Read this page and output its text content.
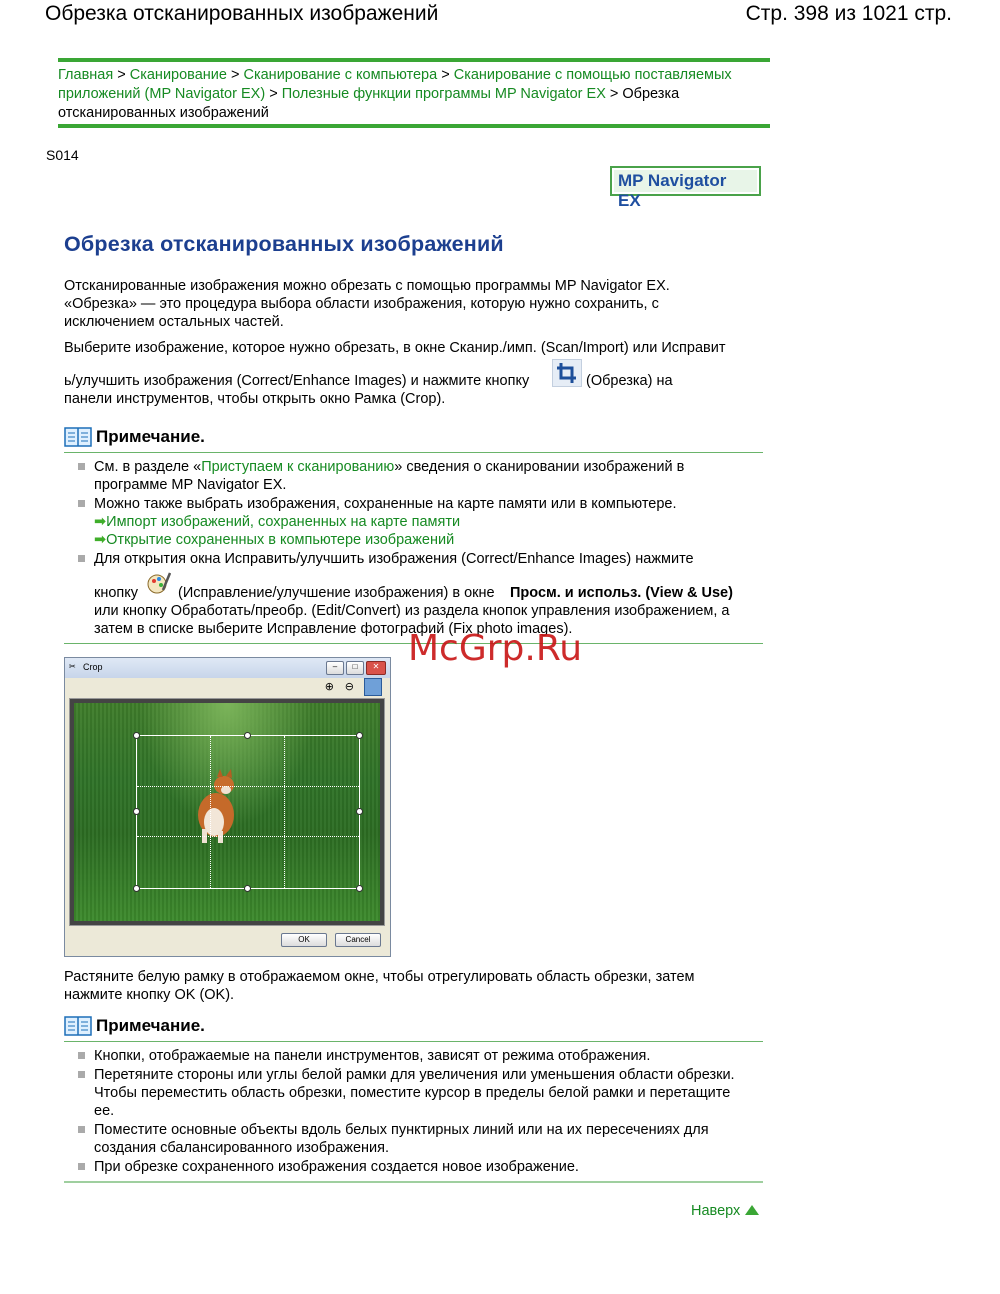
Обрезка отсканированных изображений	Стр. 398 из 1021 стр.
Главная > Сканирование > Сканирование с компьютера > Сканирование с помощью поставляемых приложений (MP Navigator EX) > Полезные функции программы MP Navigator EX > Обрезка отсканированных изображений
S014
MP Navigator EX
Обрезка отсканированных изображений
Отсканированные изображения можно обрезать с помощью программы MP Navigator EX.
«Обрезка» — это процедура выбора области изображения, которую нужно сохранить, с
исключением остальных частей.
Выберите изображение, которое нужно обрезать, в окне Сканир./имп. (Scan/Import) или Исправит
ь/улучшить изображения (Correct/Enhance Images) и нажмите кнопку	(Обрезка) на
панели инструментов, чтобы открыть окно Рамка (Crop).
Примечание.
См. в разделе «Приступаем к сканированию» сведения о сканировании изображений в
программе MP Navigator EX.
Можно также выбрать изображения, сохраненные на карте памяти или в компьютере.
➡Импорт изображений, сохраненных на карте памяти
➡Открытие сохраненных в компьютере изображений
Для открытия окна Исправить/улучшить изображения (Correct/Enhance Images) нажмите
кнопку	(Исправление/улучшение изображения) в окне Просм. и использ. (View & Use)
или кнопку Обработать/преобр. (Edit/Convert) из раздела кнопок управления изображением, а
затем в списке выберите Исправление фотографий (Fix photo images).
McGrp.Ru
✂ Crop	–	□	✕
⊕ ⊖
OK	Cancel
Растяните белую рамку в отображаемом окне, чтобы отрегулировать область обрезки, затем
нажмите кнопку OK (OK).
Примечание.
Кнопки, отображаемые на панели инструментов, зависят от режима отображения.
Перетяните стороны или углы белой рамки для увеличения или уменьшения области обрезки.
Чтобы переместить область обрезки, поместите курсор в пределы белой рамки и перетащите
ее.
Поместите основные объекты вдоль белых пунктирных линий или на их пересечениях для
создания сбалансированного изображения.
При обрезке сохраненного изображения создается новое изображение.
Наверх
